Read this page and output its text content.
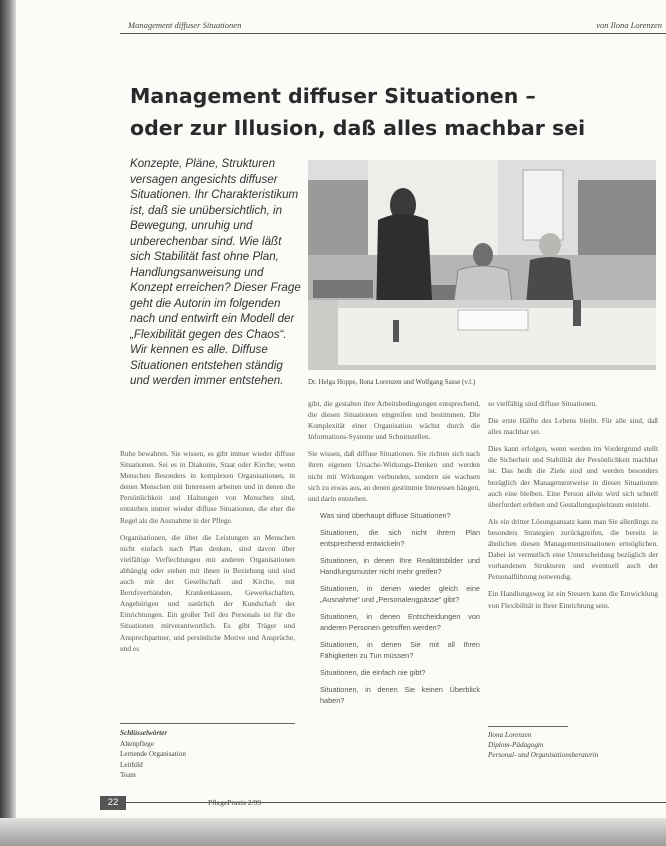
Management diffuser Situationen	von Ilona Lorenzen
Management diffuser Situationen –
oder zur Illusion, daß alles machbar sei
Konzepte, Pläne, Strukturen versagen angesichts diffuser Situationen. Ihr Charakteristikum ist, daß sie unübersichtlich, in Bewegung, unruhig und unberechenbar sind. Wie läßt sich Stabilität fast ohne Plan, Handlungsanweisung und Konzept erreichen? Dieser Frage geht die Autorin im folgenden nach und entwirft ein Modell der „Flexibilität gegen des Chaos“. Wir kennen es alle. Diffuse Situationen entstehen ständig und werden immer entstehen.	Dr. Helga Hoppe, Ilona Lorenzen und Wolfgang Sasse (v.l.)

Ruhe bewahren. Sie wissen, es gibt immer wieder diffuse Situationen. Sei es in Diakonie, Staat oder Kirche; wenn Menschen Besonders in komplexen Organisationen, in denen Menschen mit Interessen arbeiten und in denen die Persönlichkeit und Haltungen von Menschen sind, entstehen immer wieder diffuse Situationen, die eher die Regel als die Ausnahme in der Pflege.

Organisationen, die über die Leistungen an Menschen nicht einfach nach Plan denken, sind davon über vielfältige Verflechtungen mit anderen Organisationen abhängig oder stehen mit ihnen in Beziehung und sind auch mit der Gesellschaft und Kirche, mit Berufsverbänden, Krankenkassen, Gewerkschaften, Angehörigen und natürlich der Kundschaft der Einrichtungen. Ein großer Teil des Personals ist für die Situationen mitverantwortlich. Es gibt Träger und Ansprechpartner, und persönliche Motive und Ansprüche, und es

gibt, die gestalten ihre Arbeitsbedingungen entsprechend, die diesen Situationen eingreifen und bestimmen. Die Komplexität einer Organisation wächst durch die Informations-Systeme und Schnittstellen.

Sie wissen, daß diffuse Situationen. Sie richten sich nach ihren eigenen Ursache-Wirkungs-Denken und werden nicht mit Wirkungen verbunden, sondern sie wachsen sich zu etwas aus, an denen gestimmte Interessen hängen, und darin entstehen.

Was sind überhaupt diffuse Situationen?
Situationen, die sich nicht ihrem Plan entsprechend entwickeln?
Situationen, in denen Ihre Realitätsbilder und Handlungsmuster nicht mehr greifen?
Situationen, in denen wieder gleich eine „Ausnahme“ und „Personalengpässe“ gibt?
Situationen, in denen Entscheidungen von anderen Personen getroffen werden?
Situationen, in denen Sie mit all Ihren Fähigkeiten zu Tun müssen?
Situationen, die einfach nie gibt?
Situationen, in denen Sie keinen Überblick haben?

so vielfältig sind diffuse Situationen.

Die erste Hälfte des Lebens bleibt. Für alle sind, daß alles machbar sei.

Dies kann erfolgen, wenn werden im Vordergrund stellt die Sicherheit und Stabilität der Persönlichkeit machbar ist. Das heißt die Ziele sind und werden besonders bezüglich der Managementweise in diesen Situationen auch eine bleiben. Eine Person allein wird sich schnell überfordert erleben und Gestaltungsspielraum entsteht.

Als ein dritter Lösungsansatz kann man Sie allerdings zu besonders Strategien zurückgreifen, die bereits in ähnlichen diesen Managementsituationen ermöglichen. Dabei ist vermutlich eine Unterscheidung bezüglich der vorhandenen Strukturen und eventuell auch der Personalführung notwendig.

Ein Handlungsweg ist ein Steuern kann die Entwicklung von Flexibilität in Ihrer Einrichtung sein.

Schlüsselwörter
Altenpflege
Lernende Organisation
Leitbild
Team
Ilona Lorenzen
Diplom-Pädagogin
Personal- und Organisationsberaterin
22	PflegePraxis 2/99
